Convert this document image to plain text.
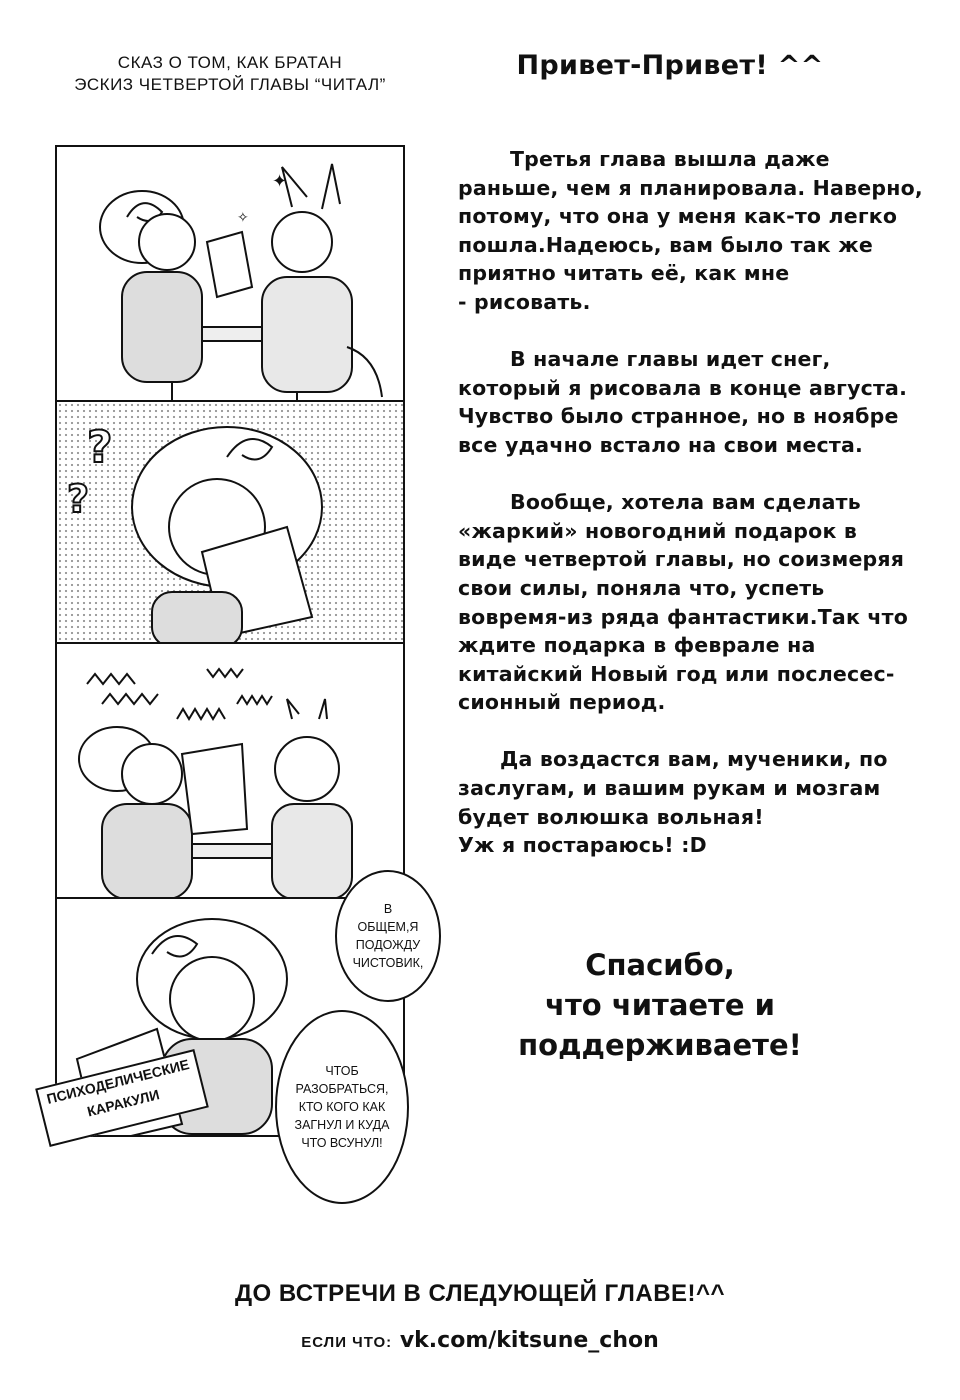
СКАЗ О ТОМ, КАК БРАТАН
ЭСКИЗ ЧЕТВЕРТОЙ ГЛАВЫ “ЧИТАЛ”
✦
✧
?
?
В
ОБЩЕМ,Я
ПОДОЖДУ
ЧИСТОВИК,
ЧТОБ
РАЗОБРАТЬСЯ,
КТО КОГО КАК
ЗАГНУЛ И КУДА
ЧТО ВСУНУЛ!
ПСИХОДЕЛИЧЕСКИЕ
КАРАКУЛИ
Привет-Привет! ^^

Третья глава вышла даже
раньше, чем я планировала. Наверно,
потому, что она у меня как-то легко
пошла.Надеюсь, вам было так же
приятно читать её, как мне
- рисовать.

В начале главы идет снег,
который я рисовала в конце августа.
Чувство было странное, но в ноябре
все удачно встало на свои места.

Вообще, хотела вам сделать
«жаркий» новогодний подарок в
виде четвертой главы, но соизмеряя
свои силы, поняла что, успеть
вовремя-из ряда фантастики.Так что
ждите подарка в феврале на
китайский Новый год или послесес-
сионный период.

Да воздастся вам, мученики, по
заслугам, и вашим рукам и мозгам
будет волюшка вольная!
Уж я постараюсь! :D

Спасибо,
что читаете и
поддерживаете!
ДО ВСТРЕЧИ В СЛЕДУЮЩЕЙ ГЛАВЕ!^^
ЕСЛИ ЧТО: vk.com/kitsune_chon
